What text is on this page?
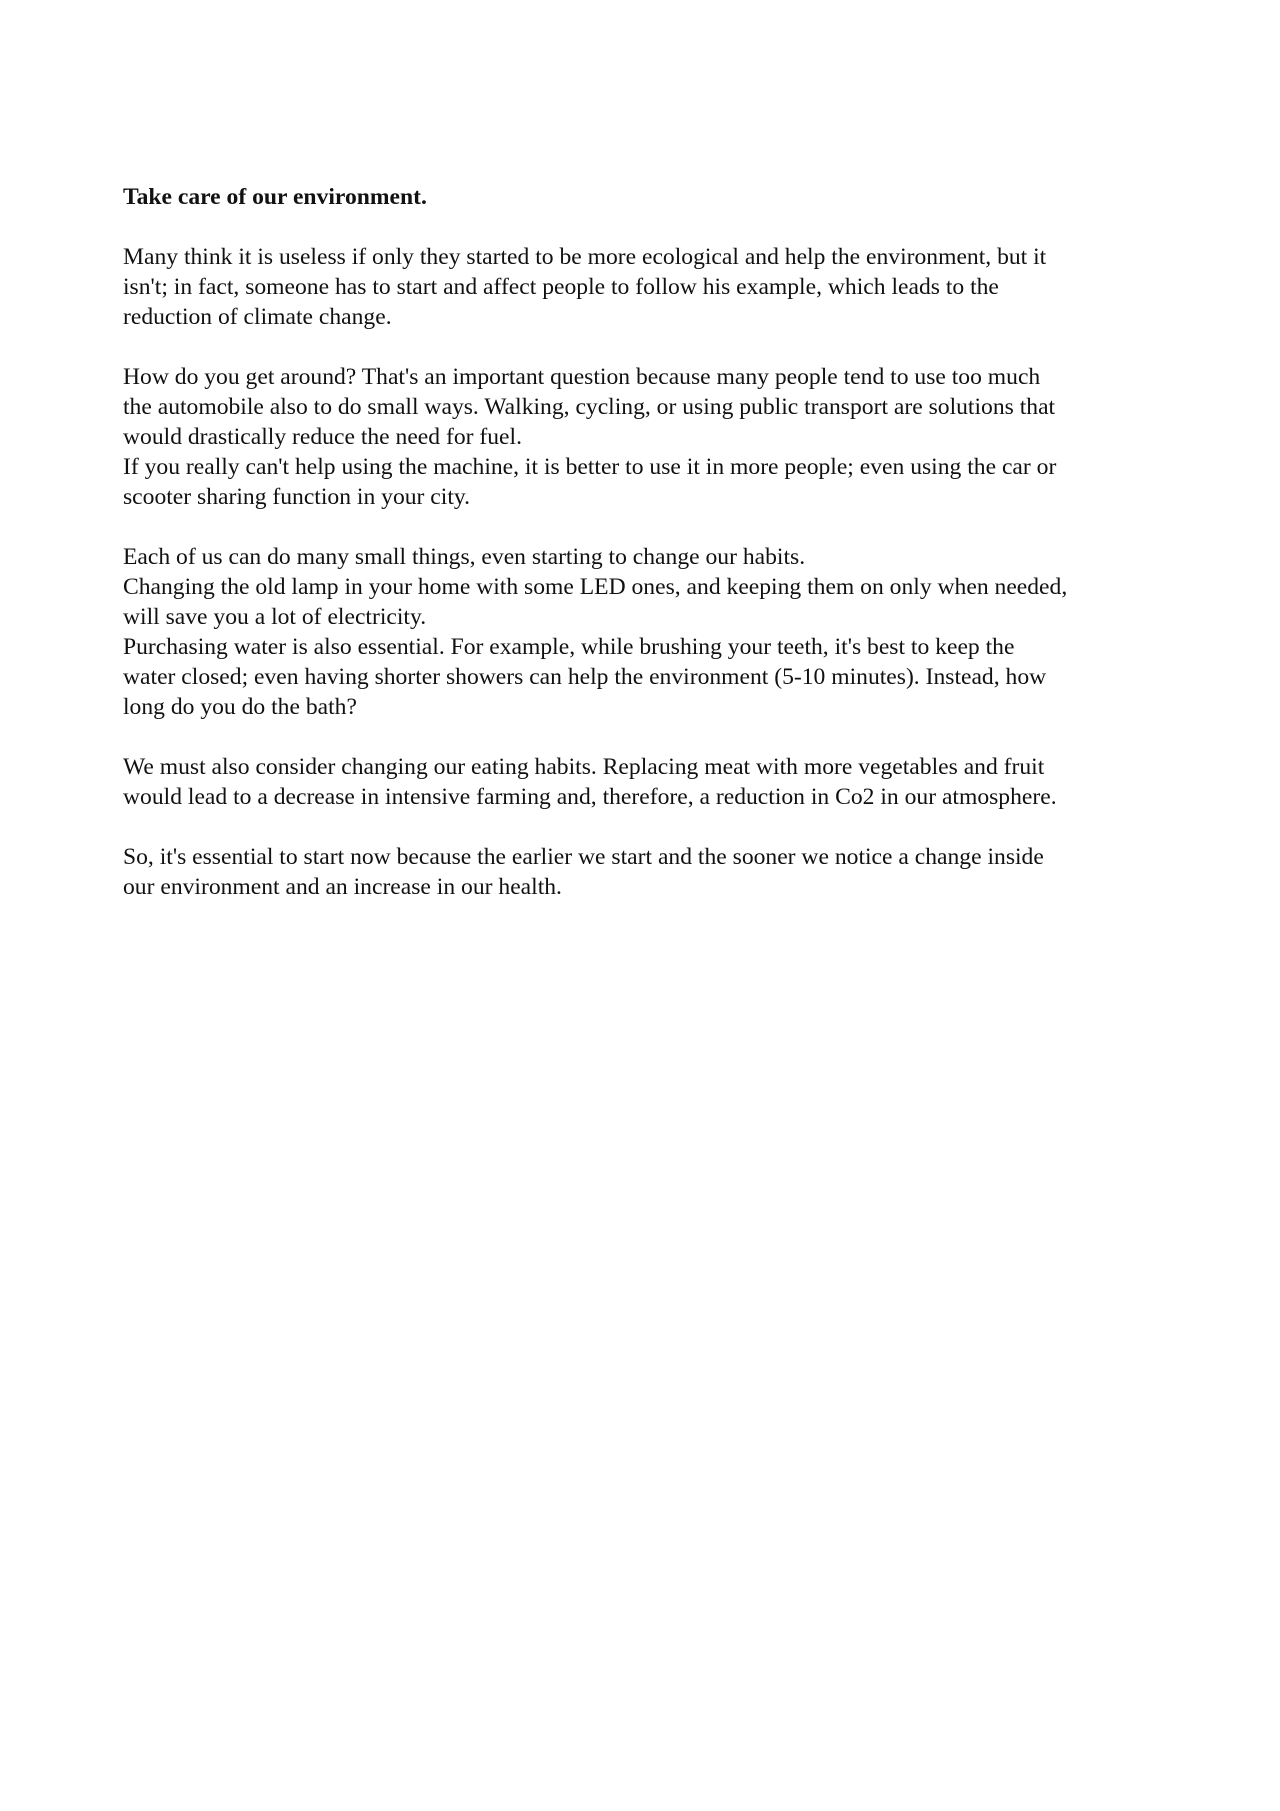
Take care of our environment.

Many think it is useless if only they started to be more ecological and help the environment, but it
isn't; in fact, someone has to start and affect people to follow his example, which leads to the
reduction of climate change.

How do you get around? That's an important question because many people tend to use too much
the automobile also to do small ways. Walking, cycling, or using public transport are solutions that
would drastically reduce the need for fuel.
If you really can't help using the machine, it is better to use it in more people; even using the car or
scooter sharing function in your city.

Each of us can do many small things, even starting to change our habits.
Changing the old lamp in your home with some LED ones, and keeping them on only when needed,
will save you a lot of electricity.
Purchasing water is also essential. For example, while brushing your teeth, it's best to keep the
water closed; even having shorter showers can help the environment (5-10 minutes). Instead, how
long do you do the bath?

We must also consider changing our eating habits. Replacing meat with more vegetables and fruit
would lead to a decrease in intensive farming and, therefore, a reduction in Co2 in our atmosphere.

So, it's essential to start now because the earlier we start and the sooner we notice a change inside
our environment and an increase in our health.
